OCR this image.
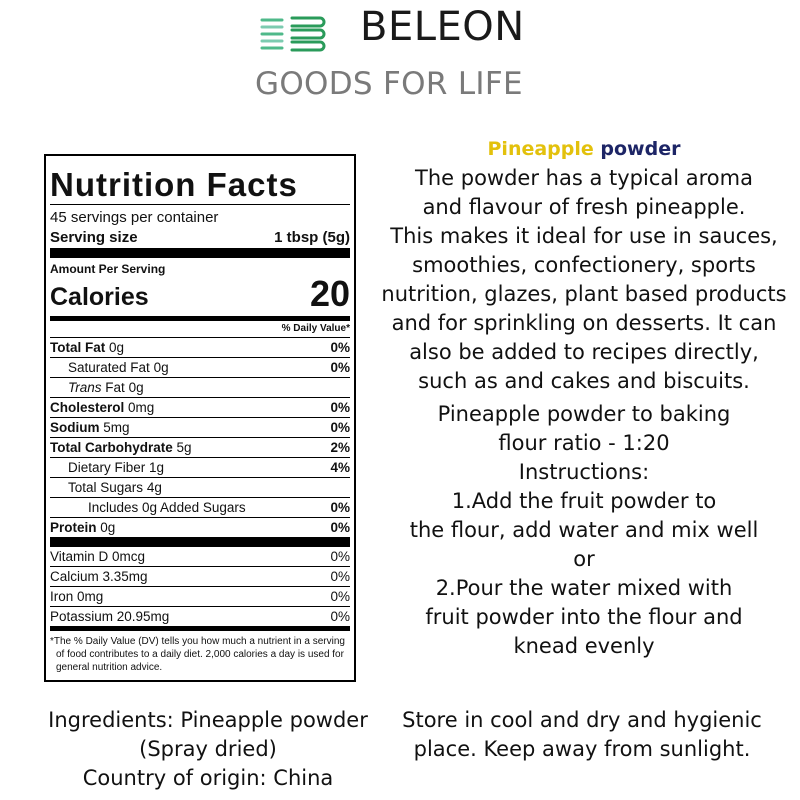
BELEON
GOODS FOR LIFE
Nutrition Facts
45 servings per container
Serving size	1 tbsp (5g)
Amount Per Serving
Calories	20
% Daily Value*
Total Fat 0g	0%
Saturated Fat 0g	0%
Trans Fat 0g
Cholesterol 0mg	0%
Sodium 5mg	0%
Total Carbohydrate 5g	2%
Dietary Fiber 1g	4%
Total Sugars 4g
Includes 0g Added Sugars	0%
Protein 0g	0%
Vitamin D 0mcg	0%
Calcium 3.35mg	0%
Iron 0mg	0%
Potassium 20.95mg	0%
*The % Daily Value (DV) tells you how much a nutrient in a serving of food contributes to a daily diet. 2,000 calories a day is used for general nutrition advice.
Pineapple powder

The powder has a typical aroma

and flavour of fresh pineapple.

This makes it ideal for use in sauces,

smoothies, confectionery, sports

nutrition, glazes, plant based products

and for sprinkling on desserts. It can

also be added to recipes directly,

such as and cakes and biscuits.

Pineapple powder to baking

flour ratio - 1:20

Instructions:

1.Add the fruit powder to

the flour, add water and mix well

or

2.Pour the water mixed with

fruit powder into the flour and

knead evenly

Ingredients: Pineapple powder
(Spray dried)
Country of origin: China
Store in cool and dry and hygienic
place. Keep away from sunlight.
